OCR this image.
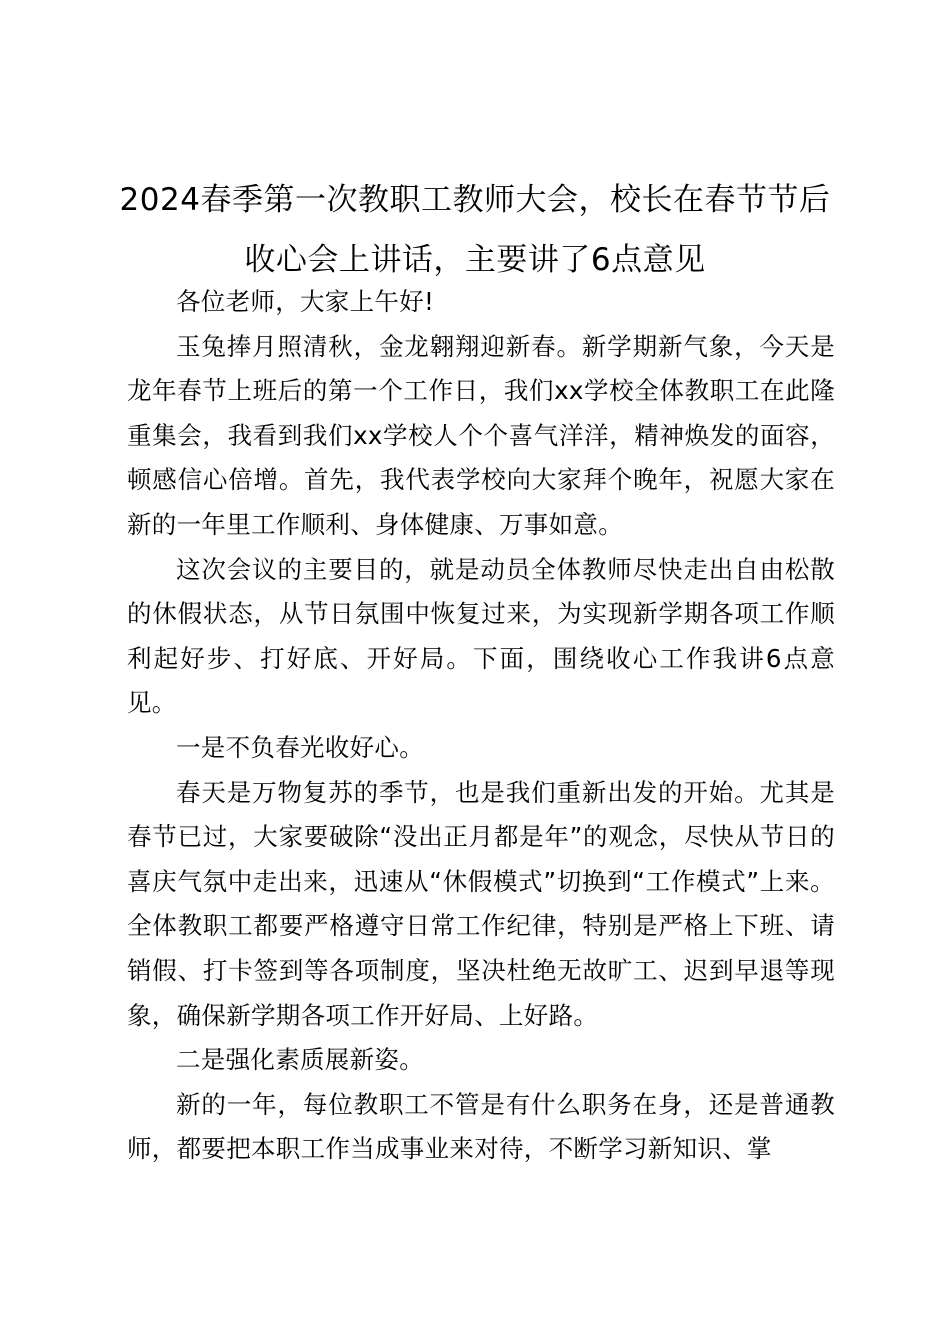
2024春季第一次教职工教师大会，校长在春节节后收心会上讲话，主要讲了6点意见

各位老师，大家上午好!

玉兔捧月照清秋，金龙翱翔迎新春。新学期新气象，今天是龙年春节上班后的第一个工作日，我们xx学校全体教职工在此隆重集会，我看到我们xx学校人个个喜气洋洋，精神焕发的面容，顿感信心倍增。首先，我代表学校向大家拜个晚年，祝愿大家在新的一年里工作顺利、身体健康、万事如意。

这次会议的主要目的，就是动员全体教师尽快走出自由松散的休假状态，从节日氛围中恢复过来，为实现新学期各项工作顺利起好步、打好底、开好局。下面，围绕收心工作我讲6点意见。

一是不负春光收好心。

春天是万物复苏的季节，也是我们重新出发的开始。尤其是春节已过，大家要破除“没出正月都是年”的观念，尽快从节日的喜庆气氛中走出来，迅速从“休假模式”切换到“工作模式”上来。全体教职工都要严格遵守日常工作纪律，特别是严格上下班、请销假、打卡签到等各项制度，坚决杜绝无故旷工、迟到早退等现象，确保新学期各项工作开好局、上好路。

二是强化素质展新姿。

新的一年，每位教职工不管是有什么职务在身，还是普通教师，都要把本职工作当成事业来对待，不断学习新知识、掌
